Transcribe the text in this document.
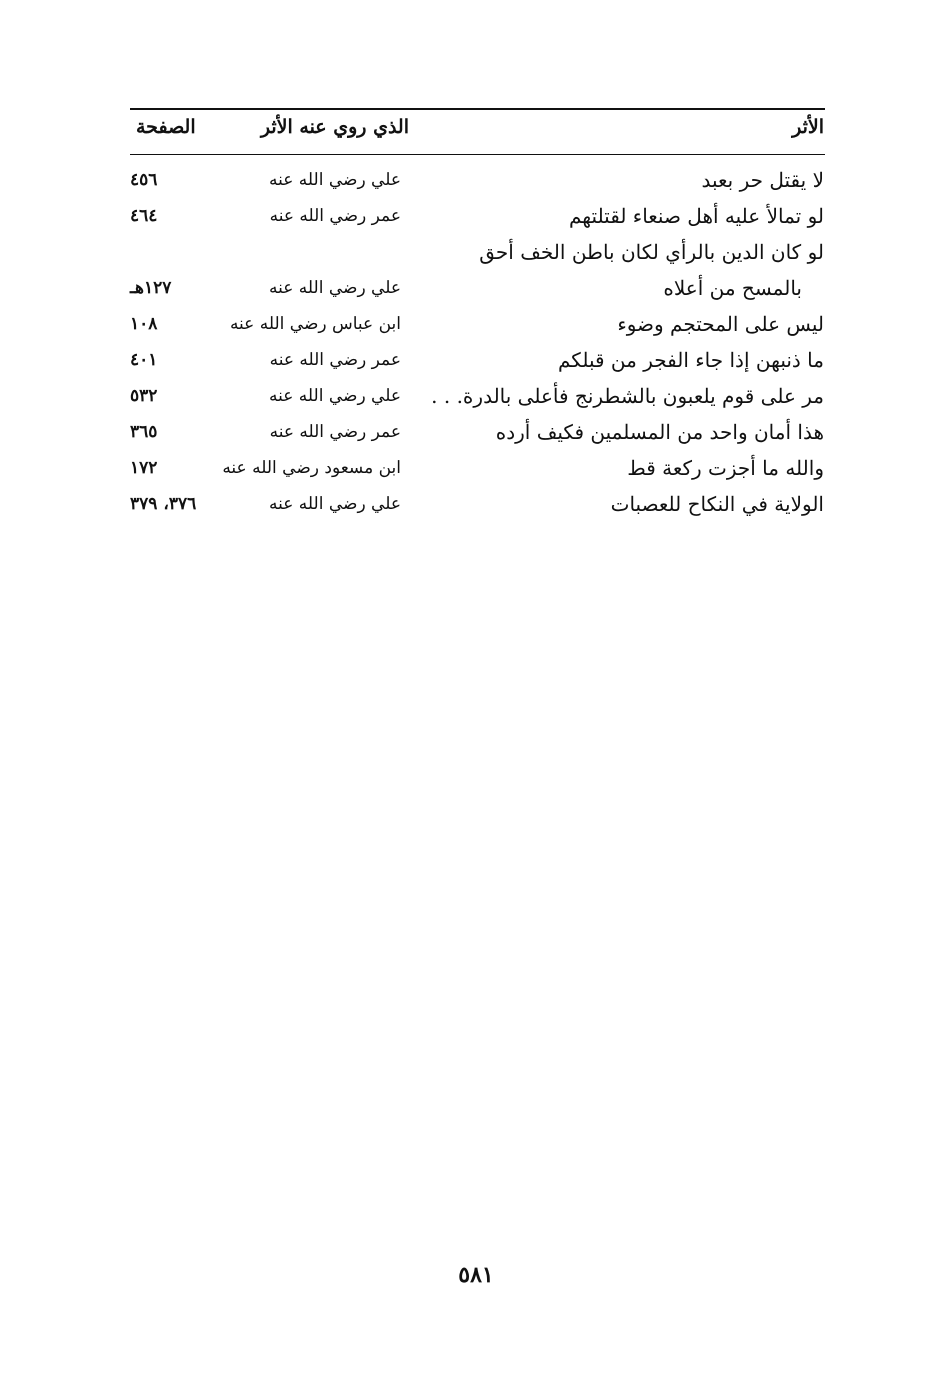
الأثر
الذي روي عنه الأثر
الصفحة
لا يقتل حر بعبد
علي رضي الله عنه
٤٥٦
لو تمالأ عليه أهل صنعاء لقتلتهم
عمر رضي الله عنه
٤٦٤
لو كان الدين بالرأي لكان باطن الخف أحق
بالمسح من أعلاه
علي رضي الله عنه
١٢٧هـ
ليس على المحتجم وضوء
ابن عباس رضي الله عنه
١٠٨
ما ذنبهن إذا جاء الفجر من قبلكم
عمر رضي الله عنه
٤٠١
مر على قوم يلعبون بالشطرنج فأعلى بالدرة. . .
علي رضي الله عنه
٥٣٢
هذا أمان واحد من المسلمين فكيف أرده
عمر رضي الله عنه
٣٦٥
والله ما أجزت ركعة قط
ابن مسعود رضي الله عنه
١٧٢
الولاية في النكاح للعصبات
علي رضي الله عنه
٣٧٦، ٣٧٩
٥٨١
